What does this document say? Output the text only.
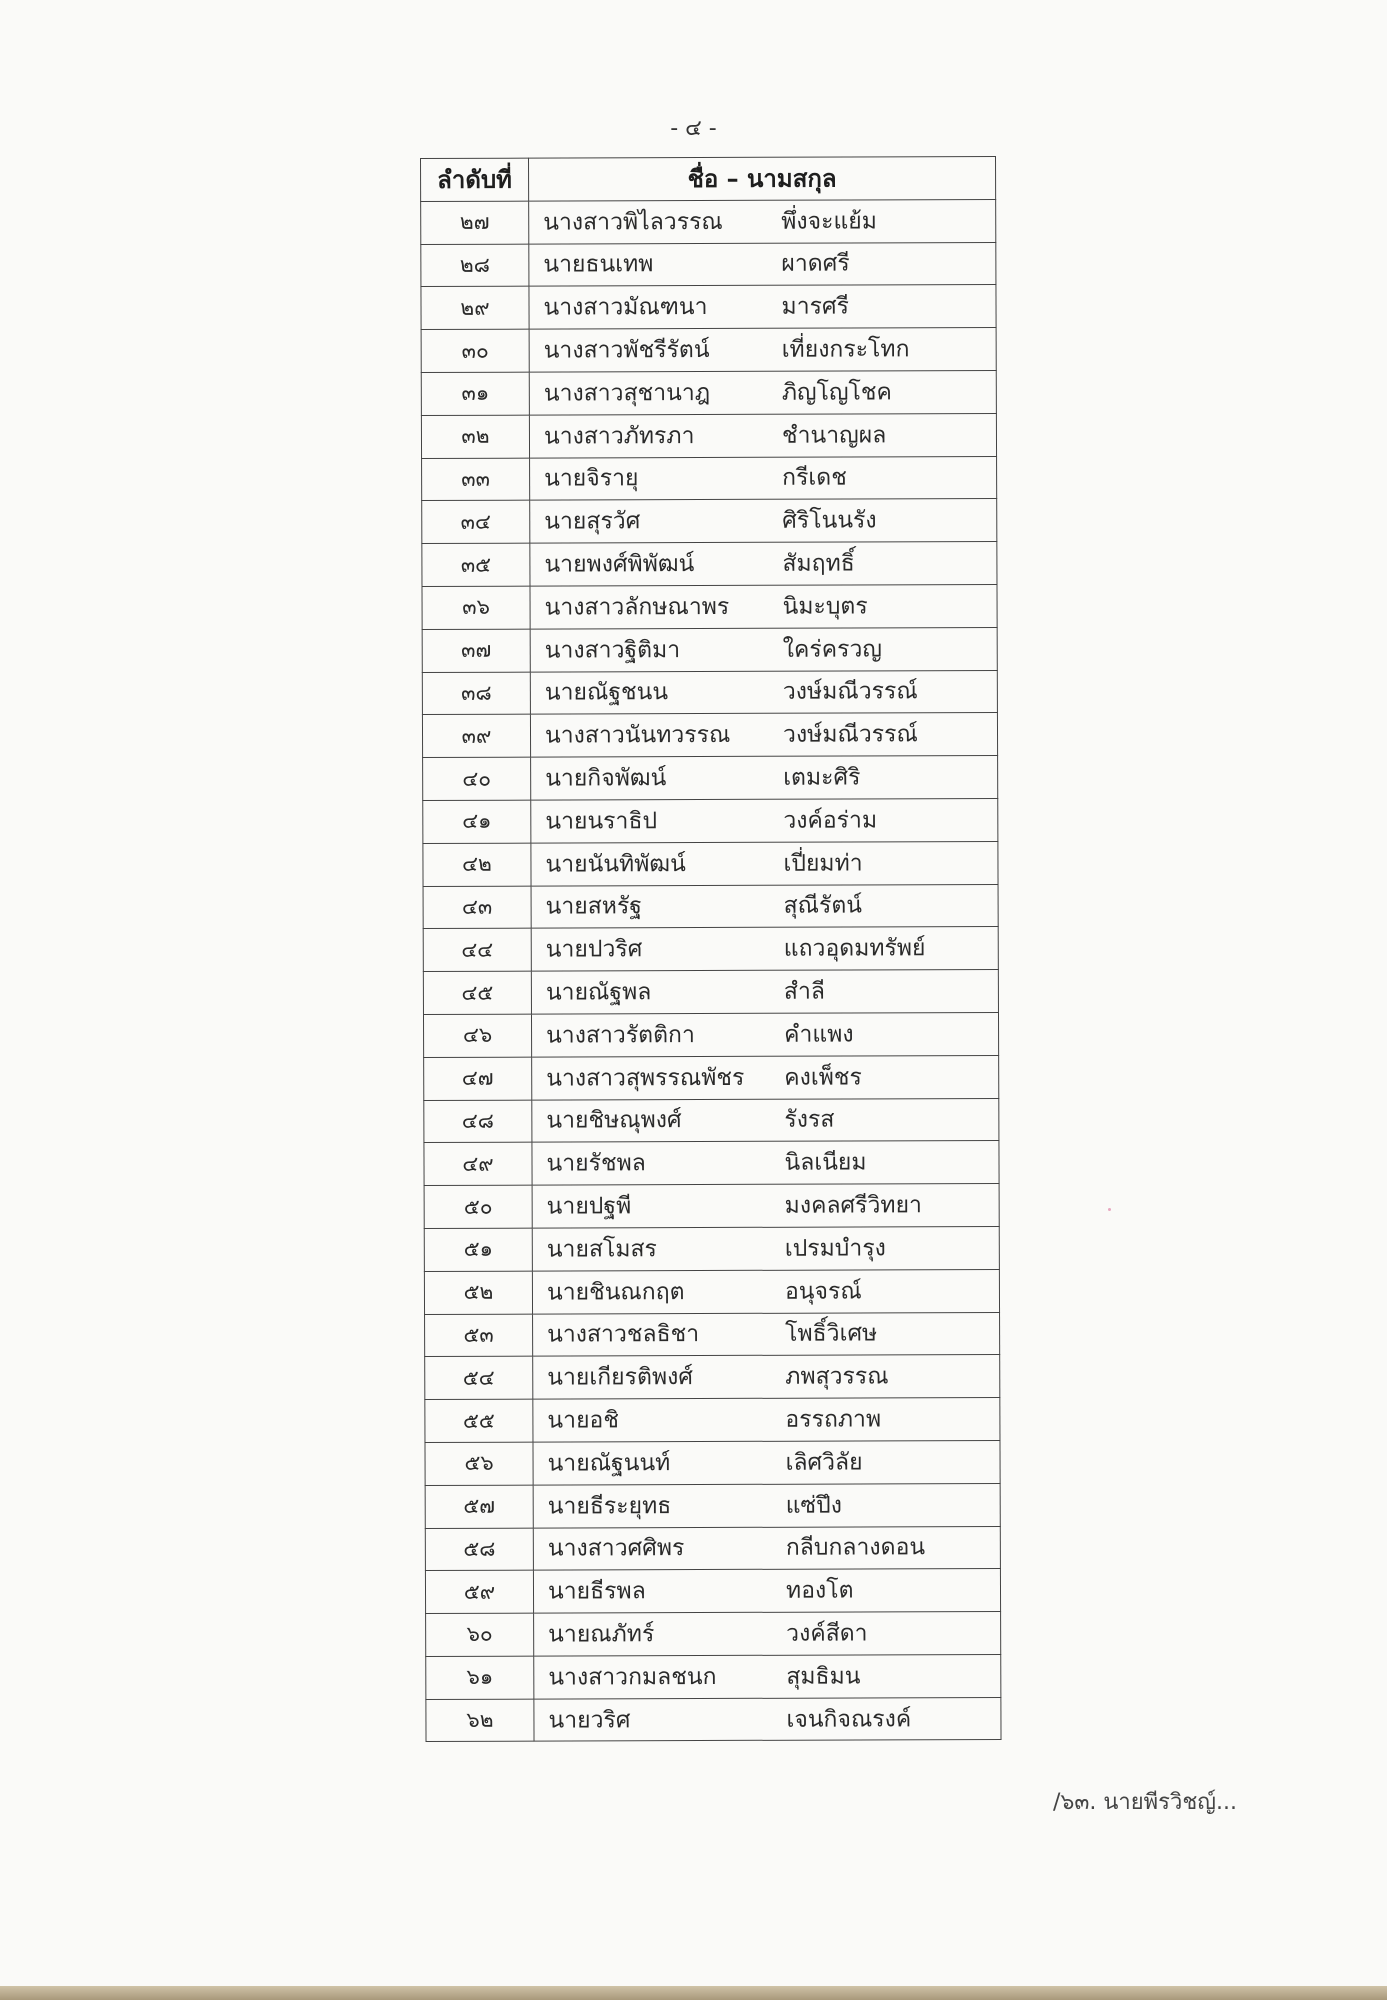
- ๔ -
ลำดับที่	ชื่อ – นามสกุล
๒๗	นางสาวพิไลวรรณ พึ่งจะแย้ม
๒๘	นายธนเทพ ผาดศรี
๒๙	นางสาวมัณฑนา มารศรี
๓๐	นางสาวพัชรีรัตน์ เที่ยงกระโทก
๓๑	นางสาวสุชานาฎ ภิญโญโชค
๓๒	นางสาวภัทรภา ชำนาญผล
๓๓	นายจิรายุ กรีเดช
๓๔	นายสุรวัศ ศิริโนนรัง
๓๕	นายพงศ์พิพัฒน์ สัมฤทธิ์
๓๖	นางสาวลักษณาพร นิมะบุตร
๓๗	นางสาวฐิติมา ใคร่ครวญ
๓๘	นายณัฐชนน วงษ์มณีวรรณ์
๓๙	นางสาวนันทวรรณ วงษ์มณีวรรณ์
๔๐	นายกิจพัฒน์ เตมะศิริ
๔๑	นายนราธิป วงค์อร่าม
๔๒	นายนันทิพัฒน์ เปี่ยมท่า
๔๓	นายสหรัฐ สุณีรัตน์
๔๔	นายปวริศ แถวอุดมทรัพย์
๔๕	นายณัฐพล สำลี
๔๖	นางสาวรัตติกา คำแพง
๔๗	นางสาวสุพรรณพัชร คงเพ็ชร
๔๘	นายชิษณุพงศ์ รังรส
๔๙	นายรัชพล นิลเนียม
๕๐	นายปฐพี มงคลศรีวิทยา
๕๑	นายสโมสร เปรมบำรุง
๕๒	นายชินณกฤต อนุจรณ์
๕๓	นางสาวชลธิชา โพธิ์วิเศษ
๕๔	นายเกียรติพงศ์ ภพสุวรรณ
๕๕	นายอชิ อรรถภาพ
๕๖	นายณัฐนนท์ เลิศวิลัย
๕๗	นายธีระยุทธ แซ่ปึง
๕๘	นางสาวศศิพร กลีบกลางดอน
๕๙	นายธีรพล ทองโต
๖๐	นายณภัทร์ วงค์สีดา
๖๑	นางสาวกมลชนก สุมธิมน
๖๒	นายวริศ เจนกิจณรงค์
/๖๓. นายพีรวิชญ์...
